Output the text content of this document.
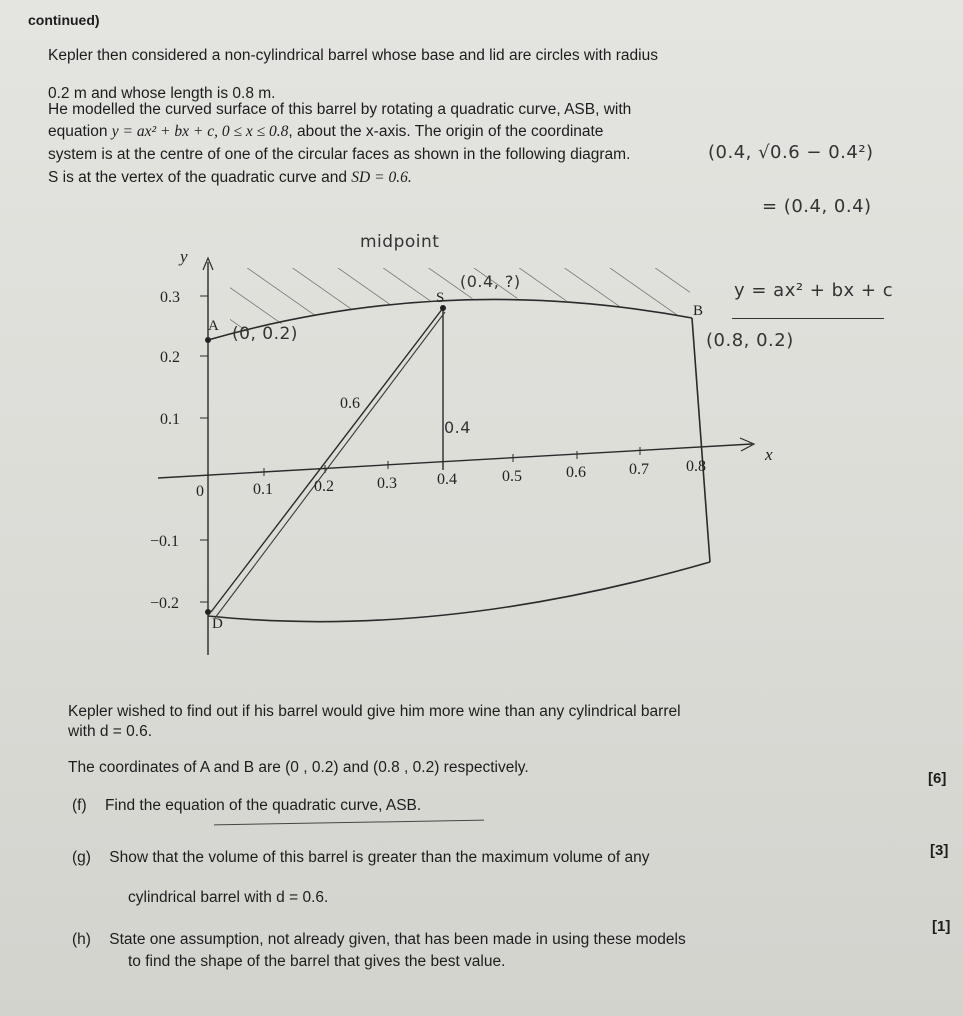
continued)
Kepler then considered a non-cylindrical barrel whose base and lid are circles with radius
0.2 m and whose length is 0.8 m.
He modelled the curved surface of this barrel by rotating a quadratic curve, ASB, with
equation y = ax² + bx + c, 0 ≤ x ≤ 0.8, about the x-axis. The origin of the coordinate
system is at the centre of one of the circular faces as shown in the following diagram.
S is at the vertex of the quadratic curve and SD = 0.6.
y
x
0.3
0.2
0.1
−0.1
−0.2
0	0.1	0.2	0.3	0.4	0.5	0.6	0.7 0.8
A
B
S
D
0.6
midpoint
(0, 0.2)
(0.4, ?)
(0.8, 0.2)
y = ax² + bx + c
(0.4, √0.6 − 0.4²)
= (0.4, 0.4)
0.4
Kepler wished to find out if his barrel would give him more wine than any cylindrical barrel
with d = 0.6.
The coordinates of A and B are (0 , 0.2) and (0.8 , 0.2) respectively.
[6]
(f) Find the equation of the quadratic curve, ASB.
[3]
(g) Show that the volume of this barrel is greater than the maximum volume of any
cylindrical barrel with d = 0.6.
[1]
(h) State one assumption, not already given, that has been made in using these models
to find the shape of the barrel that gives the best value.
